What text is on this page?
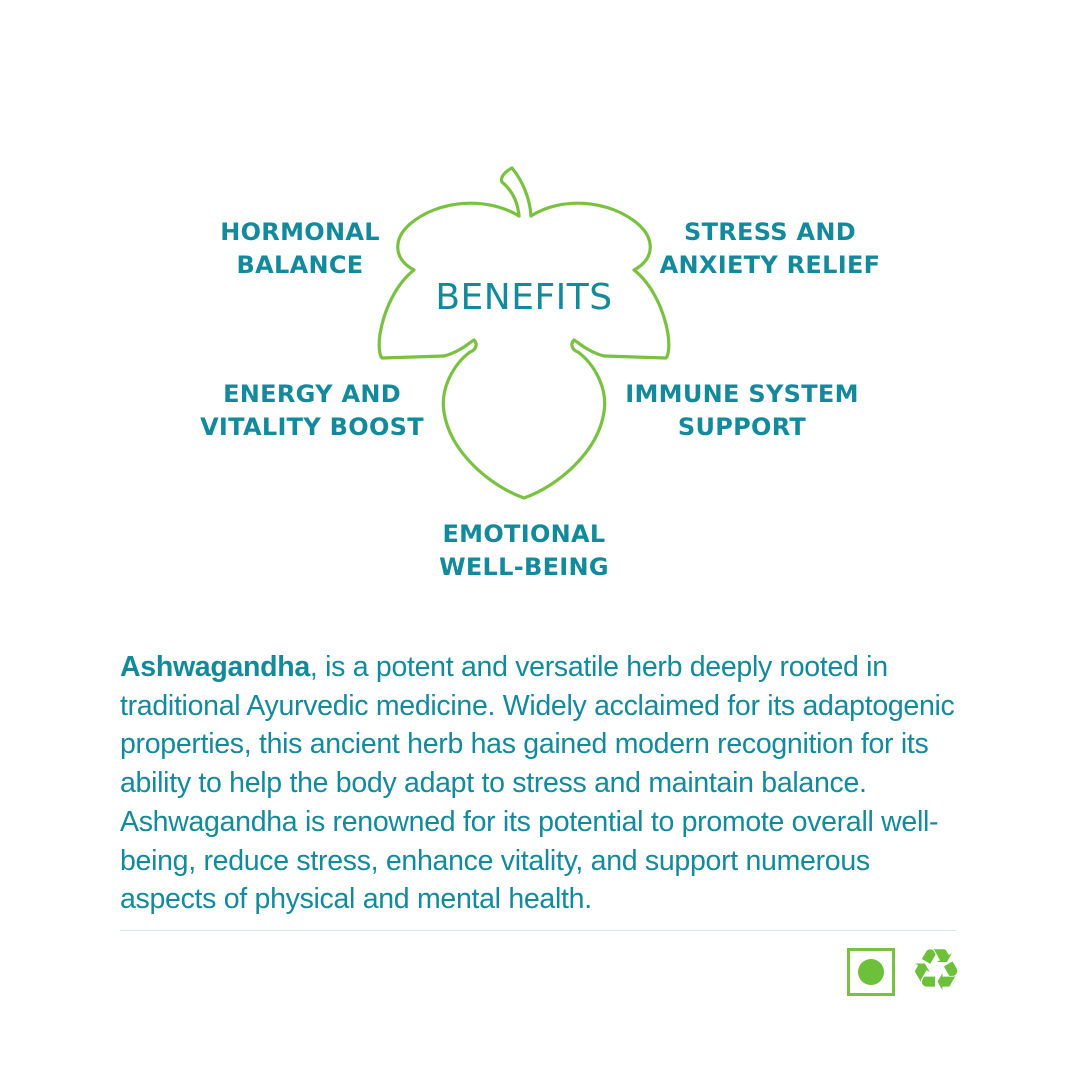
BENEFITS
HORMONAL
BALANCE
STRESS AND
ANXIETY RELIEF
ENERGY AND
VITALITY BOOST
IMMUNE SYSTEM
SUPPORT
EMOTIONAL
WELL-BEING

Ashwagandha, is a potent and versatile herb deeply rooted in traditional Ayurvedic medicine. Widely acclaimed for its adaptogenic properties, this ancient herb has gained modern recognition for its ability to help the body adapt to stress and maintain balance. Ashwagandha is renowned for its potential to promote overall well-being, reduce stress, enhance vitality, and support numerous aspects of physical and mental health.

♻
